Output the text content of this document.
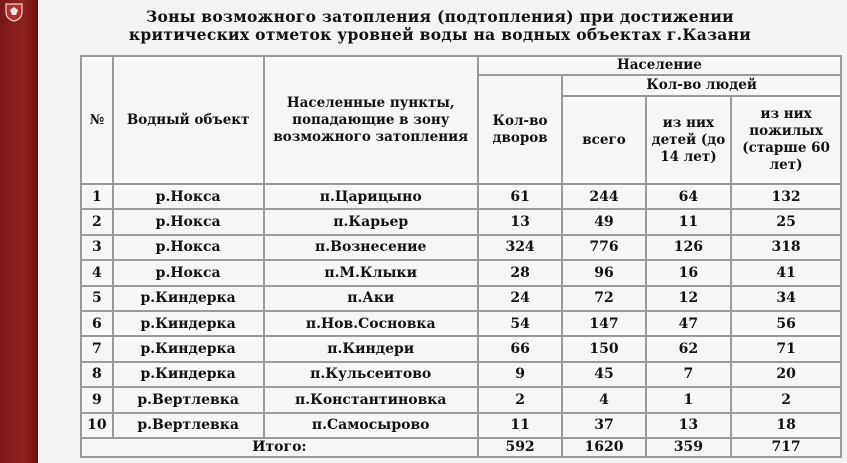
Зоны возможного затопления (подтопления) при достижении
критических отметок уровней воды на водных объектах г.Казани
№	Водный объект	Населенные пункты, попадающие в зону возможного затопления	Население			
			Кол-во дворов	Кол-во людей		
				всего	из них детей (до 14 лет)	из них пожилых (старше 60 лет)
1	р.Нокса	п.Царицыно	61	244	64	132
2	р.Нокса	п.Карьер	13	49	11	25
3	р.Нокса	п.Вознесение	324	776	126	318
4	р.Нокса	п.М.Клыки	28	96	16	41
5	р.Киндерка	п.Аки	24	72	12	34
6	р.Киндерка	п.Нов.Сосновка	54	147	47	56
7	р.Киндерка	п.Киндери	66	150	62	71
8	р.Киндерка	п.Кульсеитово	9	45	7	20
9	р.Вертлевка	п.Константиновка	2	4	1	2
10	р.Вертлевка	п.Самосырово	11	37	13	18
Итого:			592	1620	359	717
